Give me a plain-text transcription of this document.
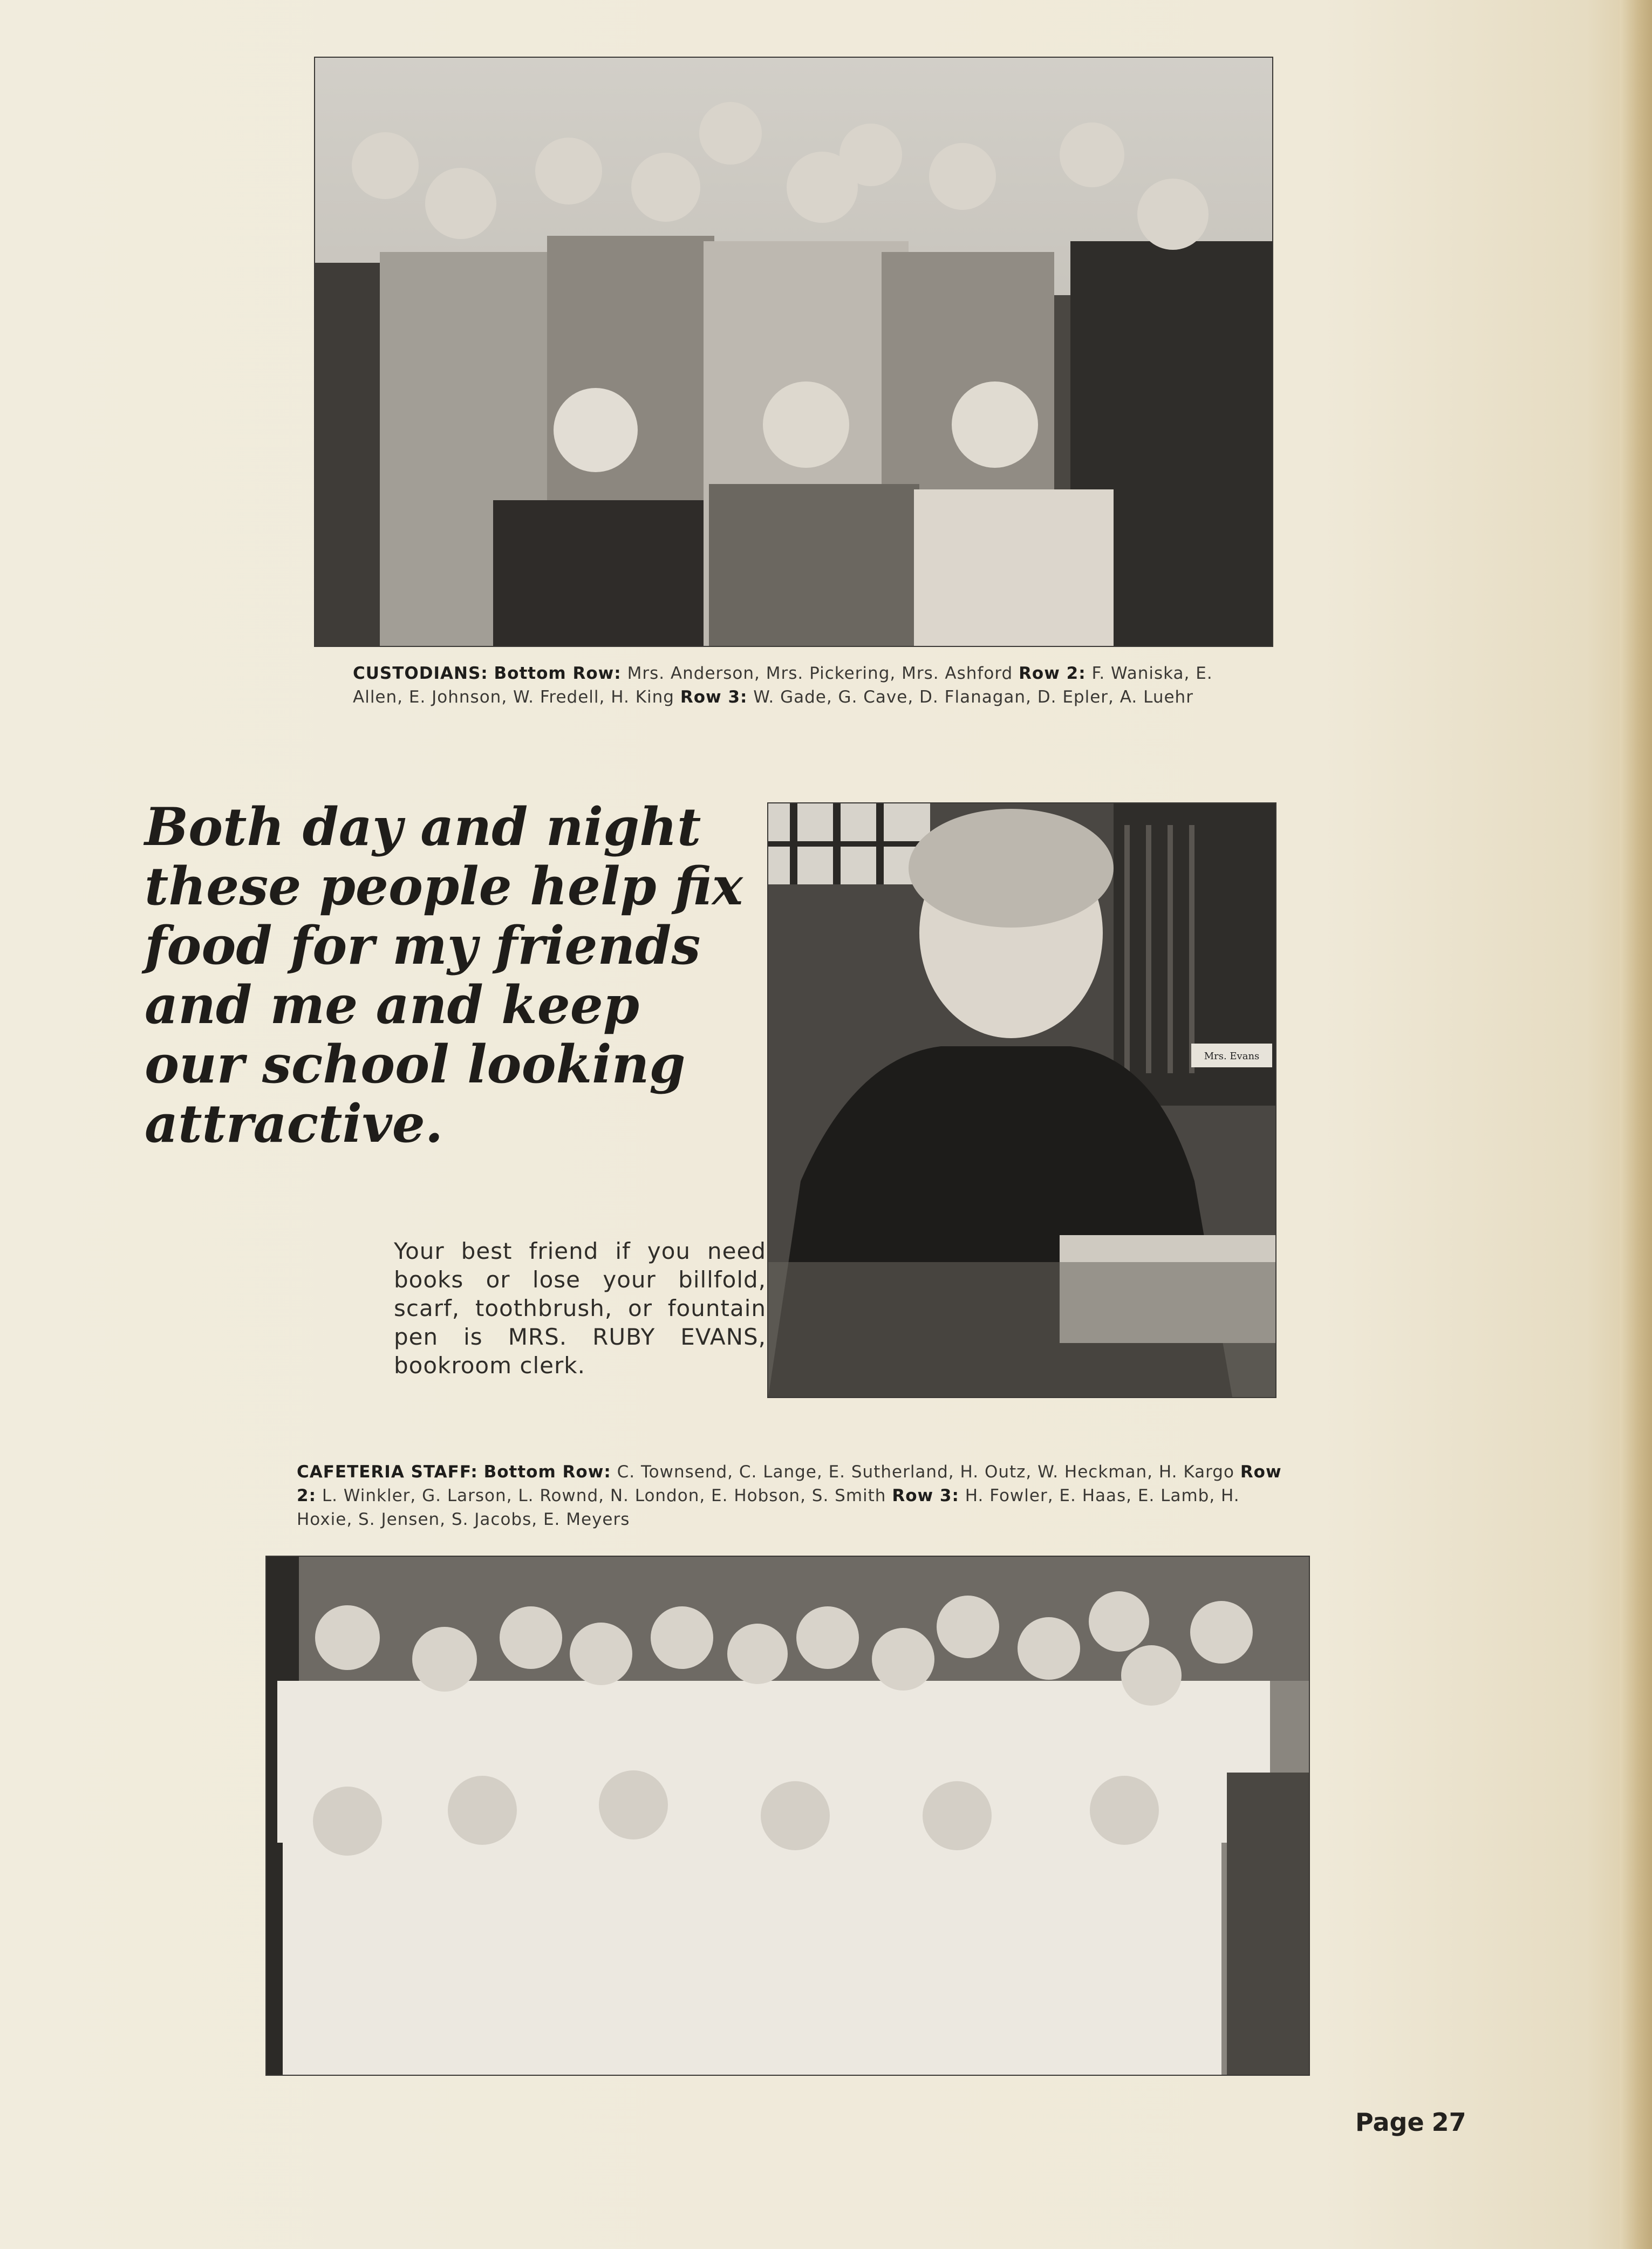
CUSTODIANS: Bottom Row: Mrs. Anderson, Mrs. Pickering, Mrs. Ashford Row 2: F. Waniska, E. Allen, E. Johnson, W. Fredell, H. King Row 3: W. Gade, G. Cave, D. Flanagan, D. Epler, A. Luehr

Both day and night
these people help fix
food for my friends
and me and keep
our school looking
attractive.
Mrs. Evans

Your best friend if you need books or lose your billfold, scarf, toothbrush, or fountain pen is MRS. RUBY EVANS, bookroom clerk.

CAFETERIA STAFF: Bottom Row: C. Townsend, C. Lange, E. Sutherland, H. Outz, W. Heckman, H. Kargo Row 2: L. Winkler, G. Larson, L. Rownd, N. London, E. Hobson, S. Smith Row 3: H. Fowler, E. Haas, E. Lamb, H. Hoxie, S. Jensen, S. Jacobs, E. Meyers

Page 27
